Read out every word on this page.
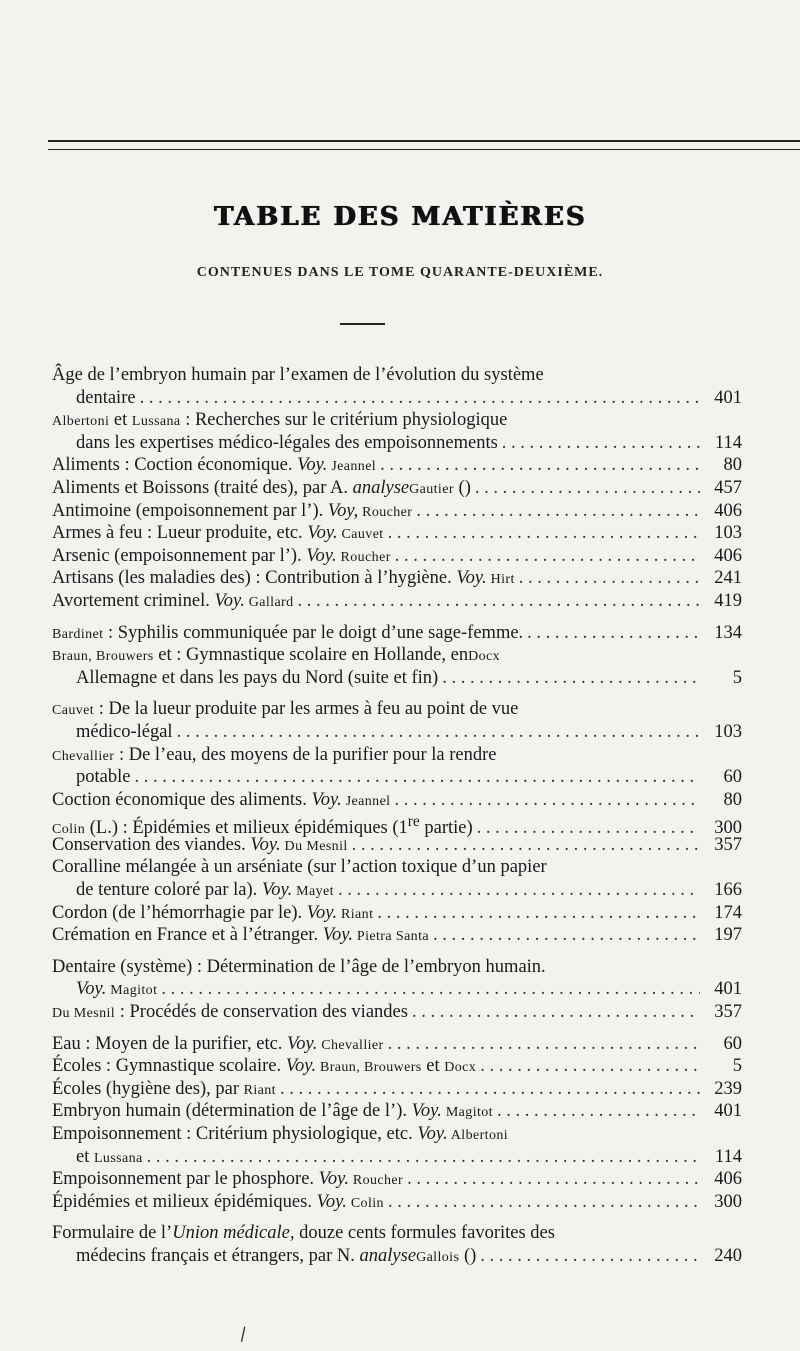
TABLE DES MATIÈRES
CONTENUES DANS LE TOME QUARANTE-DEUXIÈME.
Âge de l’embryon humain par l’examen de l’évolution du système
dentaire . . .	401
Albertoni et Lussana : Recherches sur le critérium physiologique
dans les expertises médico-légales des empoisonnements . . .	114
Aliments : Coction économique. Voy. Jeannel . . .	80
Aliments et Boissons (traité des), par A. analyseGautier () . . .	457
Antimoine (empoisonnement par l’). Voy, Roucher . . .	406
Armes à feu : Lueur produite, etc. Voy. Cauvet . . .	103
Arsenic (empoisonnement par l’). Voy. Roucher . . .	406
Artisans (les maladies des) : Contribution à l’hygiène. Voy. Hirt . . .	241
Avortement criminel. Voy. Gallard . . .	419
Bardinet : Syphilis communiquée par le doigt d’une sage-femme. . . .	134
Braun, Brouwers et : Gymnastique scolaire en Hollande, enDocx
Allemagne et dans les pays du Nord (suite et fin) . . .	5
Cauvet : De la lueur produite par les armes à feu au point de vue
médico-légal . . .	103
Chevallier : De l’eau, des moyens de la purifier pour la rendre
potable . . .	60
Coction économique des aliments. Voy. Jeannel . . .	80
Colin (L.) : Épidémies et milieux épidémiques (1re partie) . . .	300
Conservation des viandes. Voy. Du Mesnil . . .	357
Coralline mélangée à un arséniate (sur l’action toxique d’un papier
de tenture coloré par la). Voy. Mayet . . .	166
Cordon (de l’hémorrhagie par le). Voy. Riant . . .	174
Crémation en France et à l’étranger. Voy. Pietra Santa . . .	197
Dentaire (système) : Détermination de l’âge de l’embryon humain.
Voy. Magitot . . .	401
Du Mesnil : Procédés de conservation des viandes . . .	357
Eau : Moyen de la purifier, etc. Voy. Chevallier . . .	60
Écoles : Gymnastique scolaire. Voy. Braun, Brouwers et Docx . . .	5
Écoles (hygiène des), par Riant . . .	239
Embryon humain (détermination de l’âge de l’). Voy. Magitot . . .	401
Empoisonnement : Critérium physiologique, etc. Voy. Albertoni
et Lussana . . .	114
Empoisonnement par le phosphore. Voy. Roucher . . .	406
Épidémies et milieux épidémiques. Voy. Colin . . .	300
Formulaire de l’Union médicale, douze cents formules favorites des
médecins français et étrangers, par N. analyseGallois () . . .	240
\
